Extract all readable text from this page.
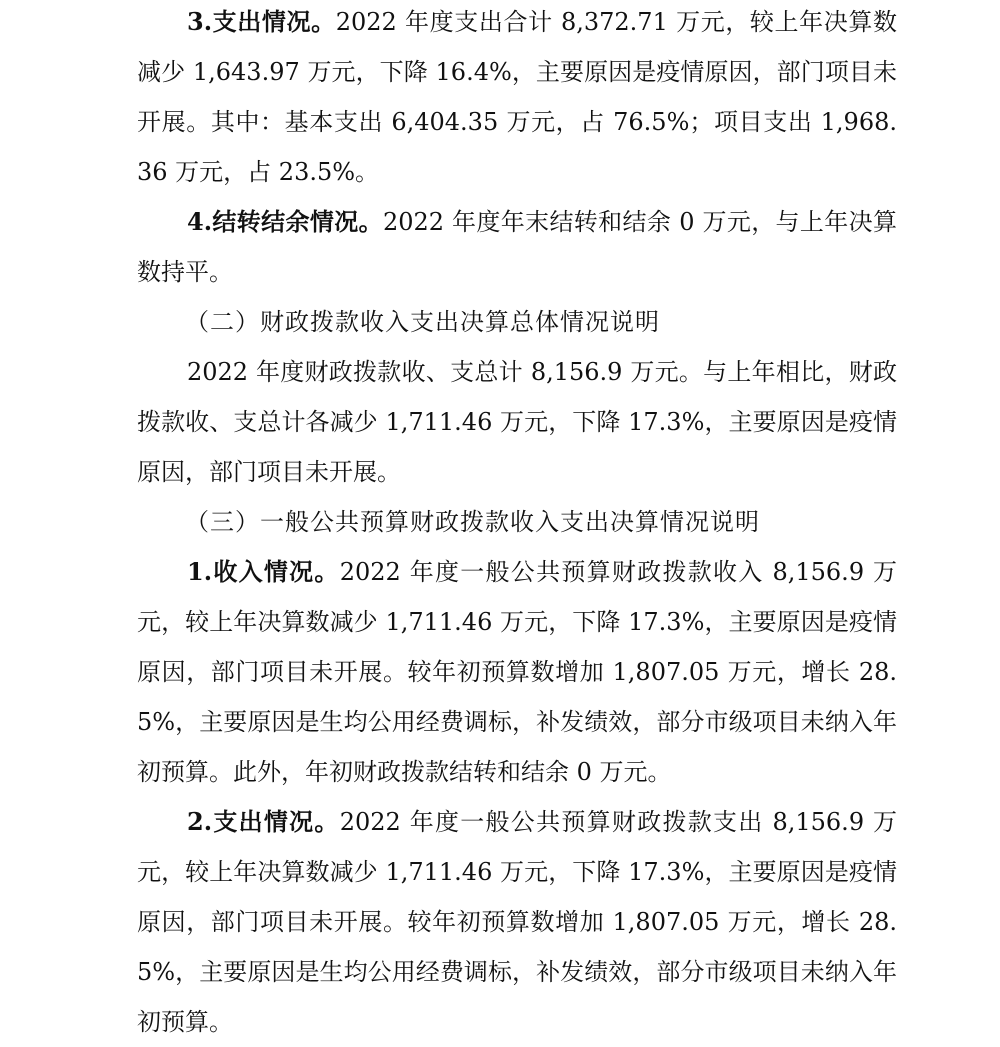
3.支出情况。2022 年度支出合计 8,372.71 万元，较上年决算数减少 1,643.97 万元，下降 16.4%，主要原因是疫情原因，部门项目未开展。其中：基本支出 6,404.35 万元，占 76.5%；项目支出 1,968.36 万元，占 23.5%。

4.结转结余情况。2022 年度年末结转和结余 0 万元，与上年决算数持平。

（二）财政拨款收入支出决算总体情况说明

2022 年度财政拨款收、支总计 8,156.9 万元。与上年相比，财政拨款收、支总计各减少 1,711.46 万元，下降 17.3%，主要原因是疫情原因，部门项目未开展。

（三）一般公共预算财政拨款收入支出决算情况说明

1.收入情况。2022 年度一般公共预算财政拨款收入 8,156.9 万元，较上年决算数减少 1,711.46 万元，下降 17.3%，主要原因是疫情原因，部门项目未开展。较年初预算数增加 1,807.05 万元，增长 28.5%，主要原因是生均公用经费调标，补发绩效，部分市级项目未纳入年初预算。此外，年初财政拨款结转和结余 0 万元。

2.支出情况。2022 年度一般公共预算财政拨款支出 8,156.9 万元，较上年决算数减少 1,711.46 万元，下降 17.3%，主要原因是疫情原因，部门项目未开展。较年初预算数增加 1,807.05 万元，增长 28.5%，主要原因是生均公用经费调标，补发绩效，部分市级项目未纳入年初预算。
